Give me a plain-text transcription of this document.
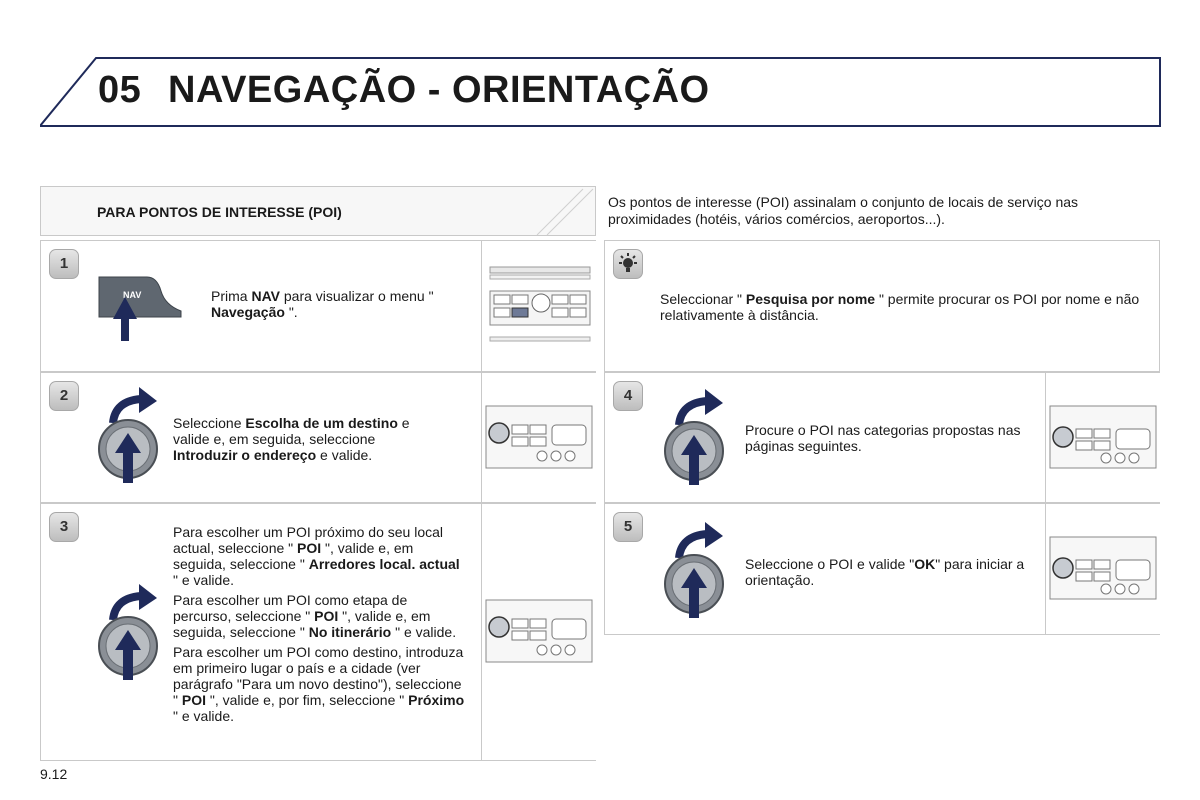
05 NAVEGAÇÃO - ORIENTAÇÃO
PARA PONTOS DE INTERESSE (POI)
Os pontos de interesse (POI) assinalam o conjunto de locais de serviço nas proximidades (hotéis, vários comércios, aeroportos...).
1
NAV	Prima NAV para visualizar o menu " Navegação ".
2
Seleccione Escolha de um destino e valide e, em seguida, seleccione Introduzir o endereço e valide.
3	Para escolher um POI próximo do seu local actual, seleccione " POI ", valide e, em seguida, seleccione " Arredores local. actual " e valide.

Para escolher um POI como etapa de percurso, seleccione " POI ", valide e, em seguida, seleccione " No itinerário " e valide.

Para escolher um POI como destino, introduza em primeiro lugar o país e a cidade (ver parágrafo "Para um novo destino"), seleccione " POI ", valide e, por fim, seleccione " Próximo " e valide.

Seleccionar " Pesquisa por nome " permite procurar os POI por nome e não relativamente à distância.
4
Procure o POI nas categorias propostas nas páginas seguintes.
5
Seleccione o POI e valide "OK" para iniciar a orientação.
9.12
